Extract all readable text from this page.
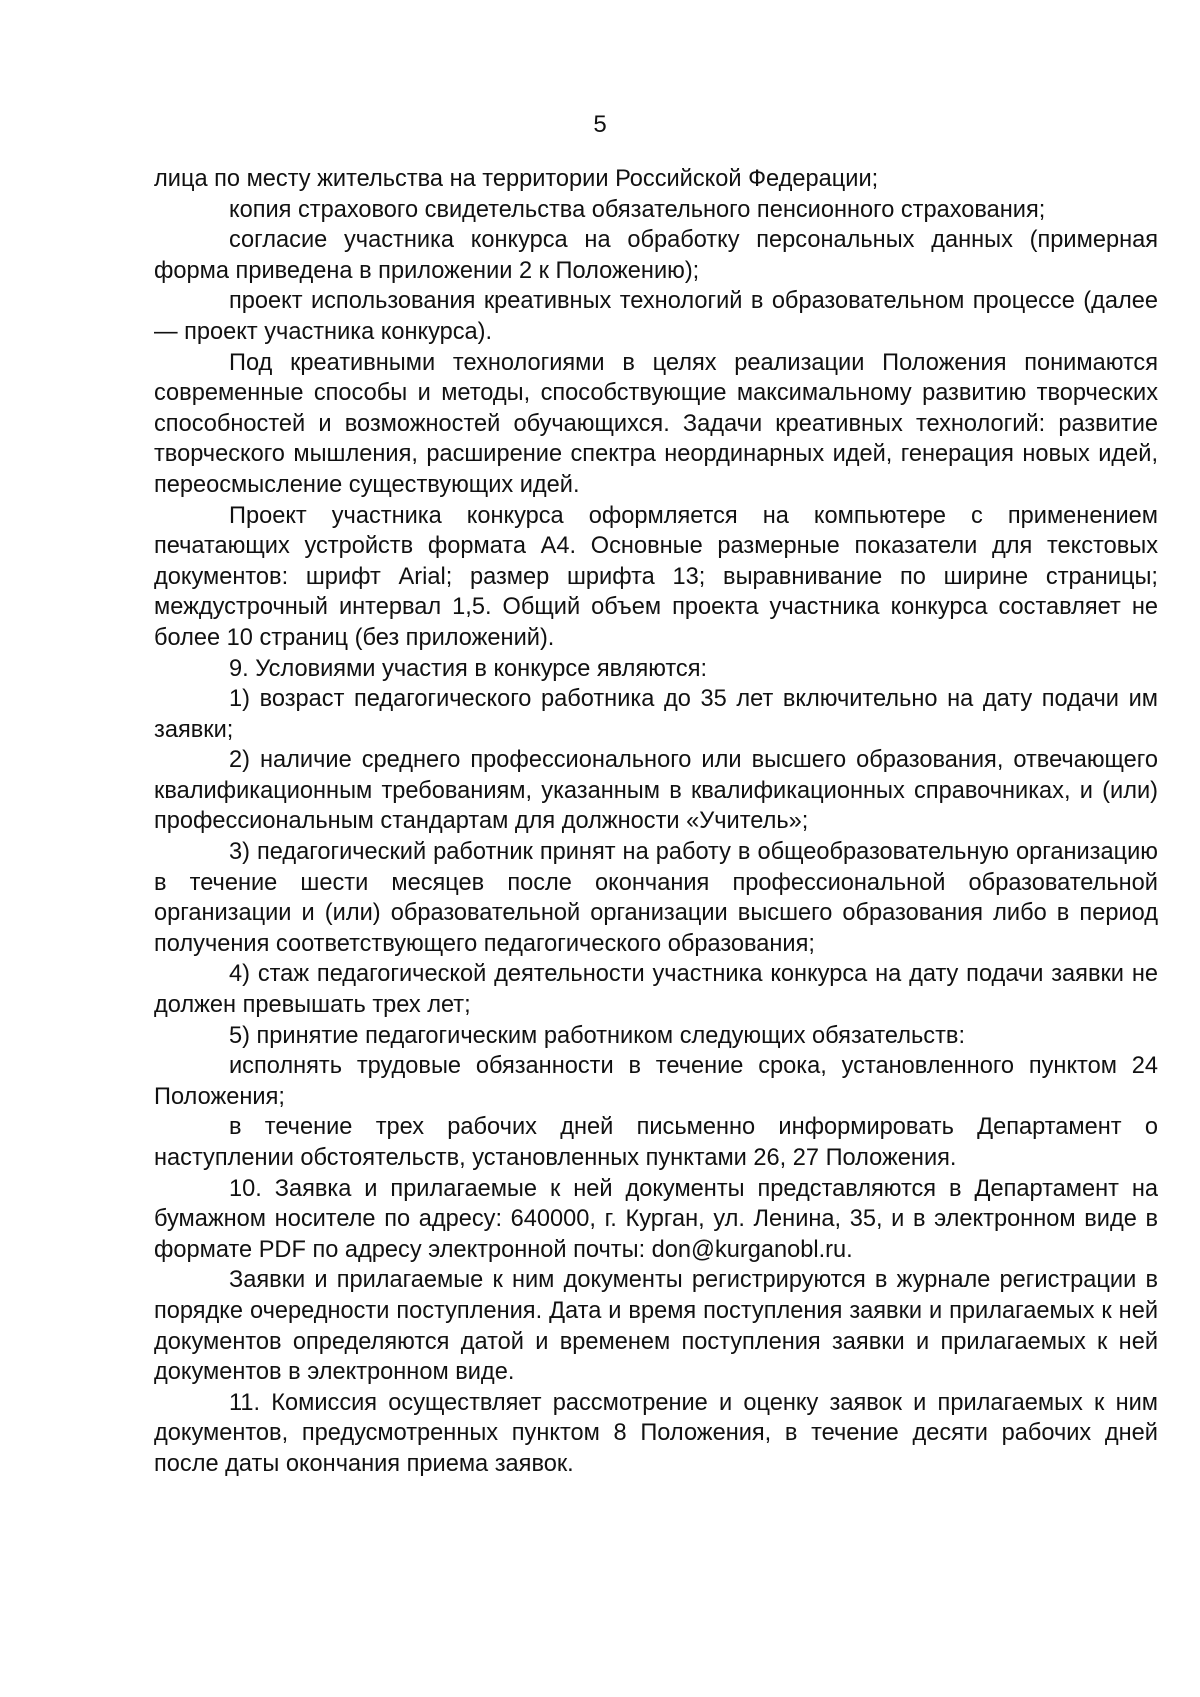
5

лица по месту жительства на территории Российской Федерации;

копия страхового свидетельства обязательного пенсионного страхования;

согласие участника конкурса на обработку персональных данных (примерная форма приведена в приложении 2 к Положению);

проект использования креативных технологий в образовательном процессе (далее — проект участника конкурса).

Под креативными технологиями в целях реализации Положения понимаются современные способы и методы, способствующие максимальному развитию творческих способностей и возможностей обучающихся. Задачи креативных технологий: развитие творческого мышления, расширение спектра неординарных идей, генерация новых идей, переосмысление существующих идей.

Проект участника конкурса оформляется на компьютере с применением печатающих устройств формата А4. Основные размерные показатели для текстовых документов: шрифт Arial; размер шрифта 13; выравнивание по ширине страницы; междустрочный интервал 1,5. Общий объем проекта участника конкурса составляет не более 10 страниц (без приложений).

9. Условиями участия в конкурсе являются:

1) возраст педагогического работника до 35 лет включительно на дату подачи им заявки;

2) наличие среднего профессионального или высшего образования, отвечающего квалификационным требованиям, указанным в квалификационных справочниках, и (или) профессиональным стандартам для должности «Учитель»;

3) педагогический работник принят на работу в общеобразовательную организацию в течение шести месяцев после окончания профессиональной образовательной организации и (или) образовательной организации высшего образования либо в период получения соответствующего педагогического образования;

4) стаж педагогической деятельности участника конкурса на дату подачи заявки не должен превышать трех лет;

5) принятие педагогическим работником следующих обязательств:

исполнять трудовые обязанности в течение срока, установленного пунктом 24 Положения;

в течение трех рабочих дней письменно информировать Департамент о наступлении обстоятельств, установленных пунктами 26, 27 Положения.

10. Заявка и прилагаемые к ней документы представляются в Департамент на бумажном носителе по адресу: 640000, г. Курган, ул. Ленина, 35, и в электронном виде в формате PDF по адресу электронной почты: don@kurganobl.ru.

Заявки и прилагаемые к ним документы регистрируются в журнале регистрации в порядке очередности поступления. Дата и время поступления заявки и прилагаемых к ней документов определяются датой и временем поступления заявки и прилагаемых к ней документов в электронном виде.

11. Комиссия осуществляет рассмотрение и оценку заявок и прилагаемых к ним документов, предусмотренных пунктом 8 Положения, в течение десяти рабочих дней после даты окончания приема заявок.
